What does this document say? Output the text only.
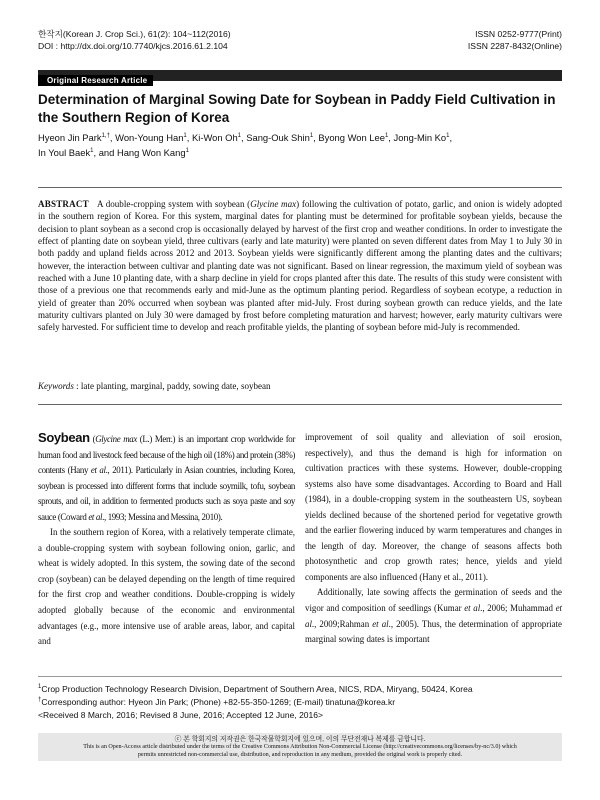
한작지(Korean J. Crop Sci.), 61(2): 104~112(2016)
DOI : http://dx.doi.org/10.7740/kjcs.2016.61.2.104
ISSN 0252-9777(Print)
ISSN 2287-8432(Online)
Original Research Article
Determination of Marginal Sowing Date for Soybean in Paddy Field Cultivation in the Southern Region of Korea
Hyeon Jin Park$^{1,\dagger}$, Won-Young Han$^1$, Ki-Won Oh$^1$, Sang-Ouk Shin$^1$, Byong Won Lee$^1$, Jong-Min Ko$^1$,
In Youl Baek$^1$, and Hang Won Kang$^1$
ABSTRACT A double-cropping system with soybean (Glycine max) following the cultivation of potato, garlic, and onion is widely adopted in the southern region of Korea. For this system, marginal dates for planting must be determined for profitable soybean yields, because the decision to plant soybean as a second crop is occasionally delayed by harvest of the first crop and weather conditions. In order to investigate the effect of planting date on soybean yield, three cultivars (early and late maturity) were planted on seven different dates from May 1 to July 30 in both paddy and upland fields across 2012 and 2013. Soybean yields were significantly different among the planting dates and the cultivars; however, the interaction between cultivar and planting date was not significant. Based on linear regression, the maximum yield of soybean was reached with a June 10 planting date, with a sharp decline in yield for crops planted after this date. The results of this study were consistent with those of a previous one that recommends early and mid-June as the optimum planting period. Regardless of soybean ecotype, a reduction in yield of greater than 20% occurred when soybean was planted after mid-July. Frost during soybean growth can reduce yields, and the late maturity cultivars planted on July 30 were damaged by frost before completing maturation and harvest; however, early maturity cultivars were safely harvested. For sufficient time to develop and reach profitable yields, the planting of soybean before mid-July is recommended.
Keywords : late planting, marginal, paddy, sowing date, soybean

Soybean (Glycine max (L.) Merr.) is an important crop worldwide for human food and livestock feed because of the high oil (18%) and protein (38%) contents (Hany et al., 2011). Particularly in Asian countries, including Korea, soybean is processed into different forms that include soymilk, tofu, soybean sprouts, and oil, in addition to fermented products such as soya paste and soy sauce (Coward et al., 1993; Messina and Messina, 2010).

In the southern region of Korea, with a relatively temperate climate, a double-cropping system with soybean following onion, garlic, and wheat is widely adopted. In this system, the sowing date of the second crop (soybean) can be delayed depending on the length of time required for the first crop and weather conditions. Double-cropping is widely adopted globally because of the economic and environmental advantages (e.g., more intensive use of arable areas, labor, and capital and

improvement of soil quality and alleviation of soil erosion, respectively), and thus the demand is high for information on cultivation practices with these systems. However, double-cropping systems also have some disadvantages. According to Board and Hall (1984), in a double-cropping system in the southeastern US, soybean yields declined because of the shortened period for vegetative growth and the earlier flowering induced by warm temperatures and changes in the length of day. Moreover, the change of seasons affects both photosynthetic and crop growth rates; hence, yields and yield components are also influenced (Hany et al., 2011).

Additionally, late sowing affects the germination of seeds and the vigor and composition of seedlings (Kumar et al., 2006; Muhammad et al., 2009;Rahman et al., 2005). Thus, the determination of appropriate marginal sowing dates is important

$^1$Crop Production Technology Research Division, Department of Southern Area, NICS, RDA, Miryang, 50424, Korea
†Corresponding author: Hyeon Jin Park; (Phone) +82-55-350-1269; (E-mail) tinatuna@korea.kr
<Received 8 March, 2016; Revised 8 June, 2016; Accepted 12 June, 2016>
ⓒ 본 학회지의 저작권은 한국작물학회지에 있으며, 이의 무단전재나 복제를 금합니다.
This is an Open-Access article distributed under the terms of the Creative Commons Attribution Non-Commercial License (http://creativecommons.org/licenses/by-nc/3.0) which
permits unrestricted non-commercial use, distribution, and reproduction in any medium, provided the original work is properly cited.
